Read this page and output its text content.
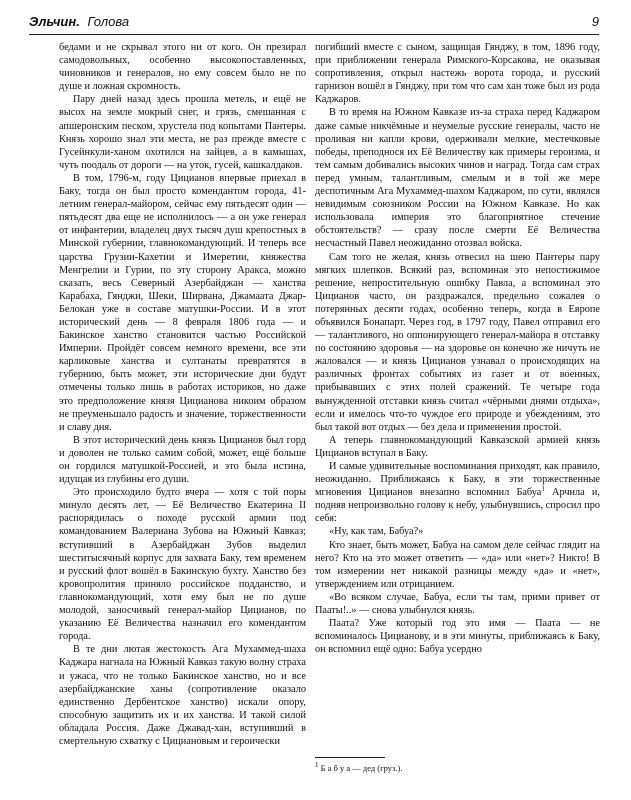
Эльчин. Голова	9

бедами и не скрывал этого ни от кого. Он презирал самодовольных, особенно высокопоставленных, чиновников и генералов, но ему совсем было не по душе и ложная скромность.

Пару дней назад здесь прошла метель, и ещё не высох на земле мокрый снег, и грязь, смешанная с апшеронским песком, хрустела под копытами Пантеры. Князь хорошо знал эти места, не раз прежде вместе с Гусейнкули-ханом охотился на зайцев, а в камышах, чуть поодаль от дороги — на уток, гусей, кашкалдаков.

В том, 1796-м, году Цицианов впервые приехал в Баку, тогда он был просто комендантом города, 41-летним генерал-майором, сейчас ему пятьдесят один — пятьдесят два еще не исполнилось — а он уже генерал от инфантерии, владелец двух тысяч душ крепостных в Минской губернии, главнокомандующий. И теперь все царства Грузии-Кахетии и Имеретии, княжества Менгрелии и Гурии, по эту сторону Аракса, можно сказать, весь Северный Азербайджан — ханства Карабаха, Гянджи, Шеки, Ширвана, Джамаата Джар-Белокан уже в составе матушки-России. И в этот исторический день — 8 февраля 1806 года — и Бакинское ханство становится частью Российской Империи. Пройдёт совсем немного времени, все эти карликовые ханства и султанаты превратятся в губернию, быть может, эти исторические дни будут отмечены только лишь в работах историков, но даже это предположение князя Цицианова никоим образом не преуменьшало радость и значение, торжественности и славу дня.

В этот исторический день князь Цицианов был горд и доволен не только самим собой, может, ещё больше он гордился матушкой-Россией, и это была истина, идущая из глубины его души.

Это происходило будто вчера — хотя с той поры минуло десять лет, — Её Величество Екатерина II распорядилась о походе русской армии под командованием Валериана Зубова на Южный Кавказ; вступивший в Азербайджан Зубов выделил шеститысячный корпус для захвата Баку, тем временем и русский флот вошёл в Бакинскую бухту. Ханство без кровопролития приняло российское подданство, и главнокомандующий, хотя ему был не по душе молодой, заносчивый генерал-майор Цицианов, по указанию Её Величества назначил его комендантом города.

В те дни лютая жестокость Ага Мухаммед-шаха Каджара нагнала на Южный Кавказ такую волну страха и ужаса, что не только Бакинское ханство, но и все азербайджанские ханы (сопротивление оказало единственно Дербентское ханство) искали опору, способную защитить их и их ханства. И такой силой обладала Россия. Даже Джавад-хан, вступивший в смертельную схватку с Цициановым и героически

погибший вместе с сыном, защищая Гянджу, в том, 1896 году, при приближении генерала Римского-Корсакова, не оказывая сопротивления, открыл настежь ворота города, и русский гарнизон вошёл в Гянджу, при том что сам хан тоже был из рода Каджаров.

В то время на Южном Кавказе из-за страха перед Каджаром даже самые никчёмные и неумелые русские генералы, часто не проливая ни капли крови, одерживали мелкие, местечковые победы, преподнося их Её Величеству как примеры героизма, и тем самым добивались высоких чинов и наград. Тогда сам страх перед умным, талантливым, смелым и в той же мере деспотичным Ага Мухаммед-шахом Каджаром, по сути, являлся невидимым союзником России на Южном Кавказе. Но как использовала империя это благоприятное стечение обстоятельств? — сразу после смерти Её Величества несчастный Павел неожиданно отозвал войска.

Сам того не желая, князь отвесил на шею Пантеры пару мягких шлепков. Всякий раз, вспоминая это непостижимое решение, непростительную ошибку Павла, а вспоминал это Цицианов часто, он раздражался, предельно сожалея о потерянных десяти годах, особенно теперь, когда в Европе объявился Бонапарт. Через год, в 1797 году, Павел отправил его — талантливого, но оппонирующего генерал-майора в отставку по состоянию здоровья — на здоровье он конечно же ничуть не жаловался — и князь Цицианов узнавал о происходящих на различных фронтах событиях из газет и от военных, прибывавших с этих полей сражений. Те четыре года вынужденной отставки князь считал «чёрными днями отдыха», если и имелось что-то чуждое его природе и убеждениям, это был такой вот отдых — без дела и применения простой.

А теперь главнокомандующий Кавказской армией князь Цицианов вступал в Баку.

И самые удивительные воспоминания приходят, как правило, неожиданно. Приближаясь к Баку, в эти торжественные мгновения Цицианов внезапно вспомнил Бабуа$^1$ Арчила и, подняв непроизвольно голову к небу, улыбнувшись, спросил про себя:

«Ну, как там, Бабуа?»

Кто знает, быть может, Бабуа на самом деле сейчас глядит на него? Кто на это может ответить — «да» или «нет»? Никто! В том измерении нет никакой разницы между «да» и «нет», утверждением или отрицанием.

«Во всяком случае, Бабуа, если ты там, прими привет от Пааты!..» — снова улыбнулся князь.

Паата? Уже который год это имя — Паата — не вспоминалось Цицианову, и в эти минуты, приближаясь к Баку, он вспомнил ещё одно: Бабуа усердно

$^1$ Б а б у а — дед (груз.).
